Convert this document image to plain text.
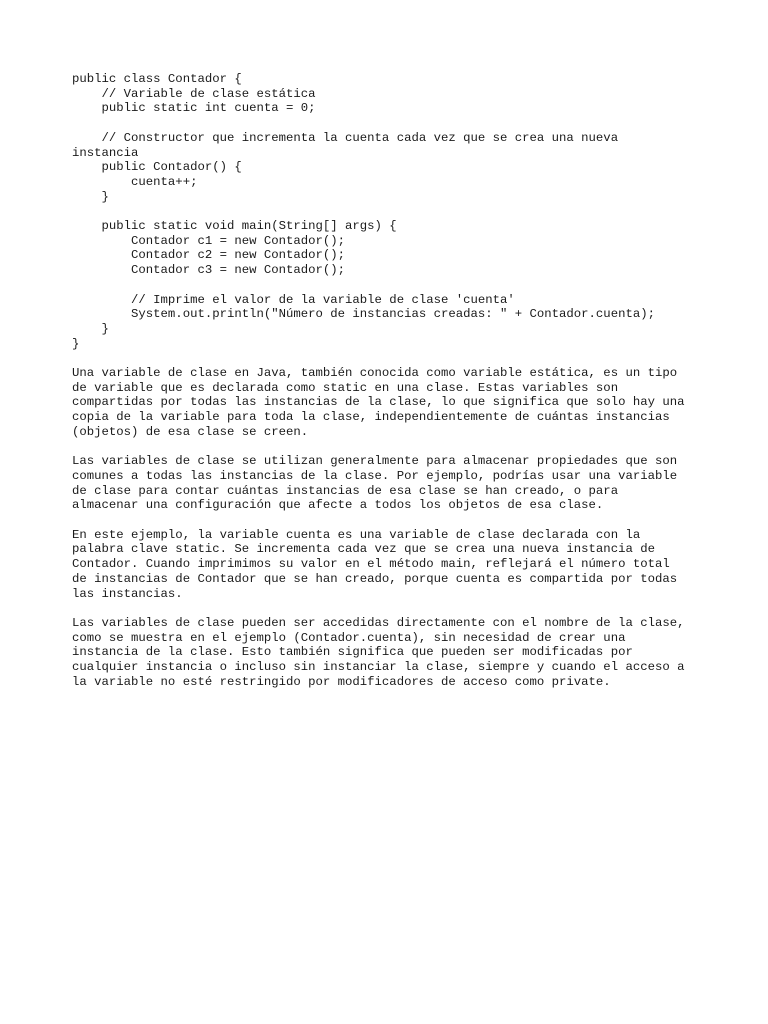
public class Contador {
// Variable de clase estática
public static int cuenta = 0;

// Constructor que incrementa la cuenta cada vez que se crea una nueva
instancia
public Contador() {
cuenta++;
}

public static void main(String[] args) {
Contador c1 = new Contador();
Contador c2 = new Contador();
Contador c3 = new Contador();

// Imprime el valor de la variable de clase 'cuenta'
System.out.println("Número de instancias creadas: " + Contador.cuenta);
}
}
Una variable de clase en Java, también conocida como variable estática, es un tipo
de variable que es declarada como static en una clase. Estas variables son
compartidas por todas las instancias de la clase, lo que significa que solo hay una
copia de la variable para toda la clase, independientemente de cuántas instancias
(objetos) de esa clase se creen.
Las variables de clase se utilizan generalmente para almacenar propiedades que son
comunes a todas las instancias de la clase. Por ejemplo, podrías usar una variable
de clase para contar cuántas instancias de esa clase se han creado, o para
almacenar una configuración que afecte a todos los objetos de esa clase.
En este ejemplo, la variable cuenta es una variable de clase declarada con la
palabra clave static. Se incrementa cada vez que se crea una nueva instancia de
Contador. Cuando imprimimos su valor en el método main, reflejará el número total
de instancias de Contador que se han creado, porque cuenta es compartida por todas
las instancias.
Las variables de clase pueden ser accedidas directamente con el nombre de la clase,
como se muestra en el ejemplo (Contador.cuenta), sin necesidad de crear una
instancia de la clase. Esto también significa que pueden ser modificadas por
cualquier instancia o incluso sin instanciar la clase, siempre y cuando el acceso a
la variable no esté restringido por modificadores de acceso como private.
